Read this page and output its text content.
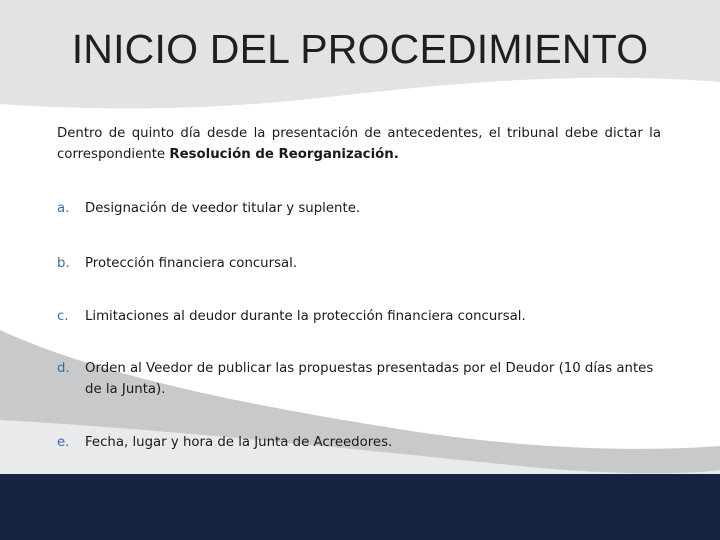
INICIO DEL PROCEDIMIENTO

Dentro de quinto día desde la presentación de antecedentes, el tribunal debe dictar la correspondiente Resolución de Reorganización.

a.	Designación de veedor titular y suplente.
b.	Protección financiera concursal.
c.	Limitaciones al deudor durante la protección financiera concursal.
d.	Orden al Veedor de publicar las propuestas presentadas por el Deudor (10 días antes de la Junta).
e.	Fecha, lugar y hora de la Junta de Acreedores.
